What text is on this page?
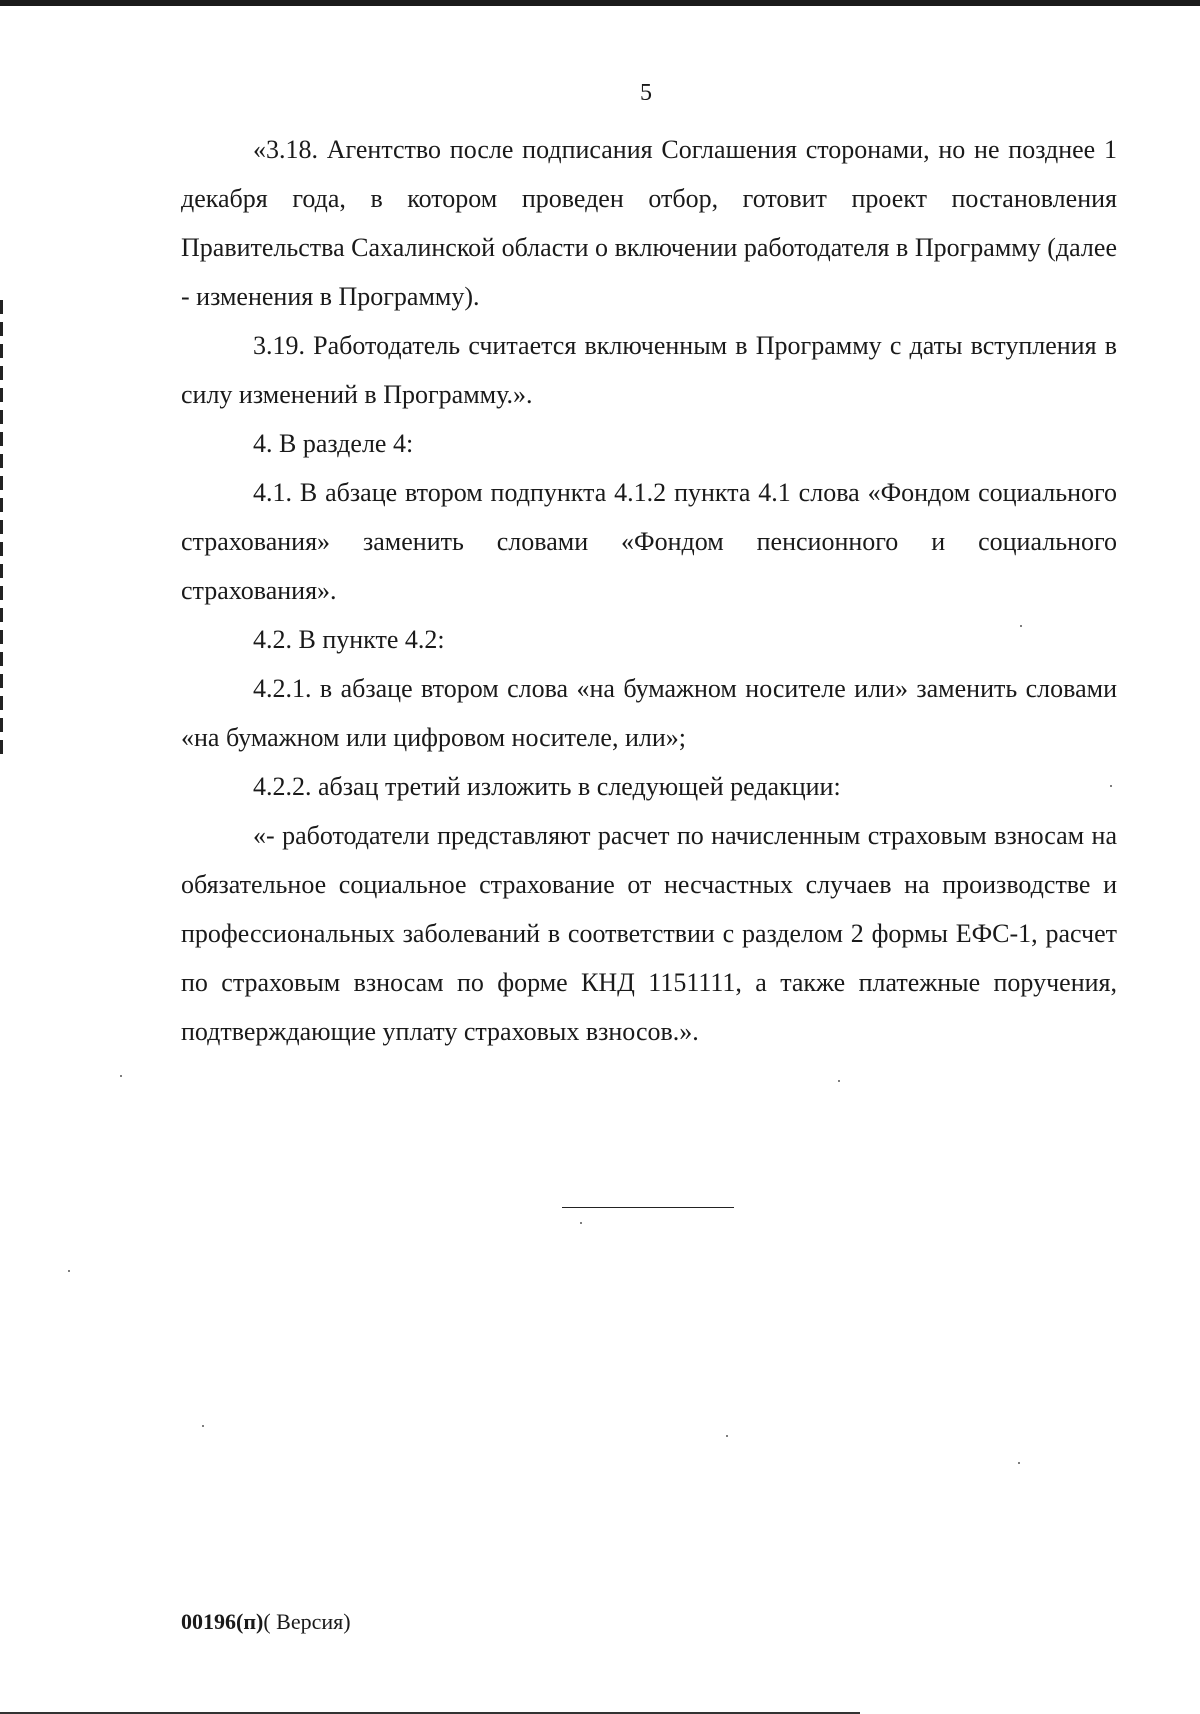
5

«3.18. Агентство после подписания Соглашения сторонами, но не позднее 1 декабря года, в котором проведен отбор, готовит проект постановления Правительства Сахалинской области о включении работодателя в Программу (далее - изменения в Программу).

3.19. Работодатель считается включенным в Программу с даты вступления в силу изменений в Программу.».

4. В разделе 4:

4.1. В абзаце втором подпункта 4.1.2 пункта 4.1 слова «Фондом социального страхования» заменить словами «Фондом пенсионного и социального страхования».

4.2. В пункте 4.2:

4.2.1. в абзаце втором слова «на бумажном носителе или» заменить словами «на бумажном или цифровом носителе, или»;

4.2.2. абзац третий изложить в следующей редакции:

«- работодатели представляют расчет по начисленным страховым взносам на обязательное социальное страхование от несчастных случаев на производстве и профессиональных заболеваний в соответствии с разделом 2 формы ЕФС-1, расчет по страховым взносам по форме КНД 1151111, а также платежные поручения, подтверждающие уплату страховых взносов.».

00196(п)( Версия)
